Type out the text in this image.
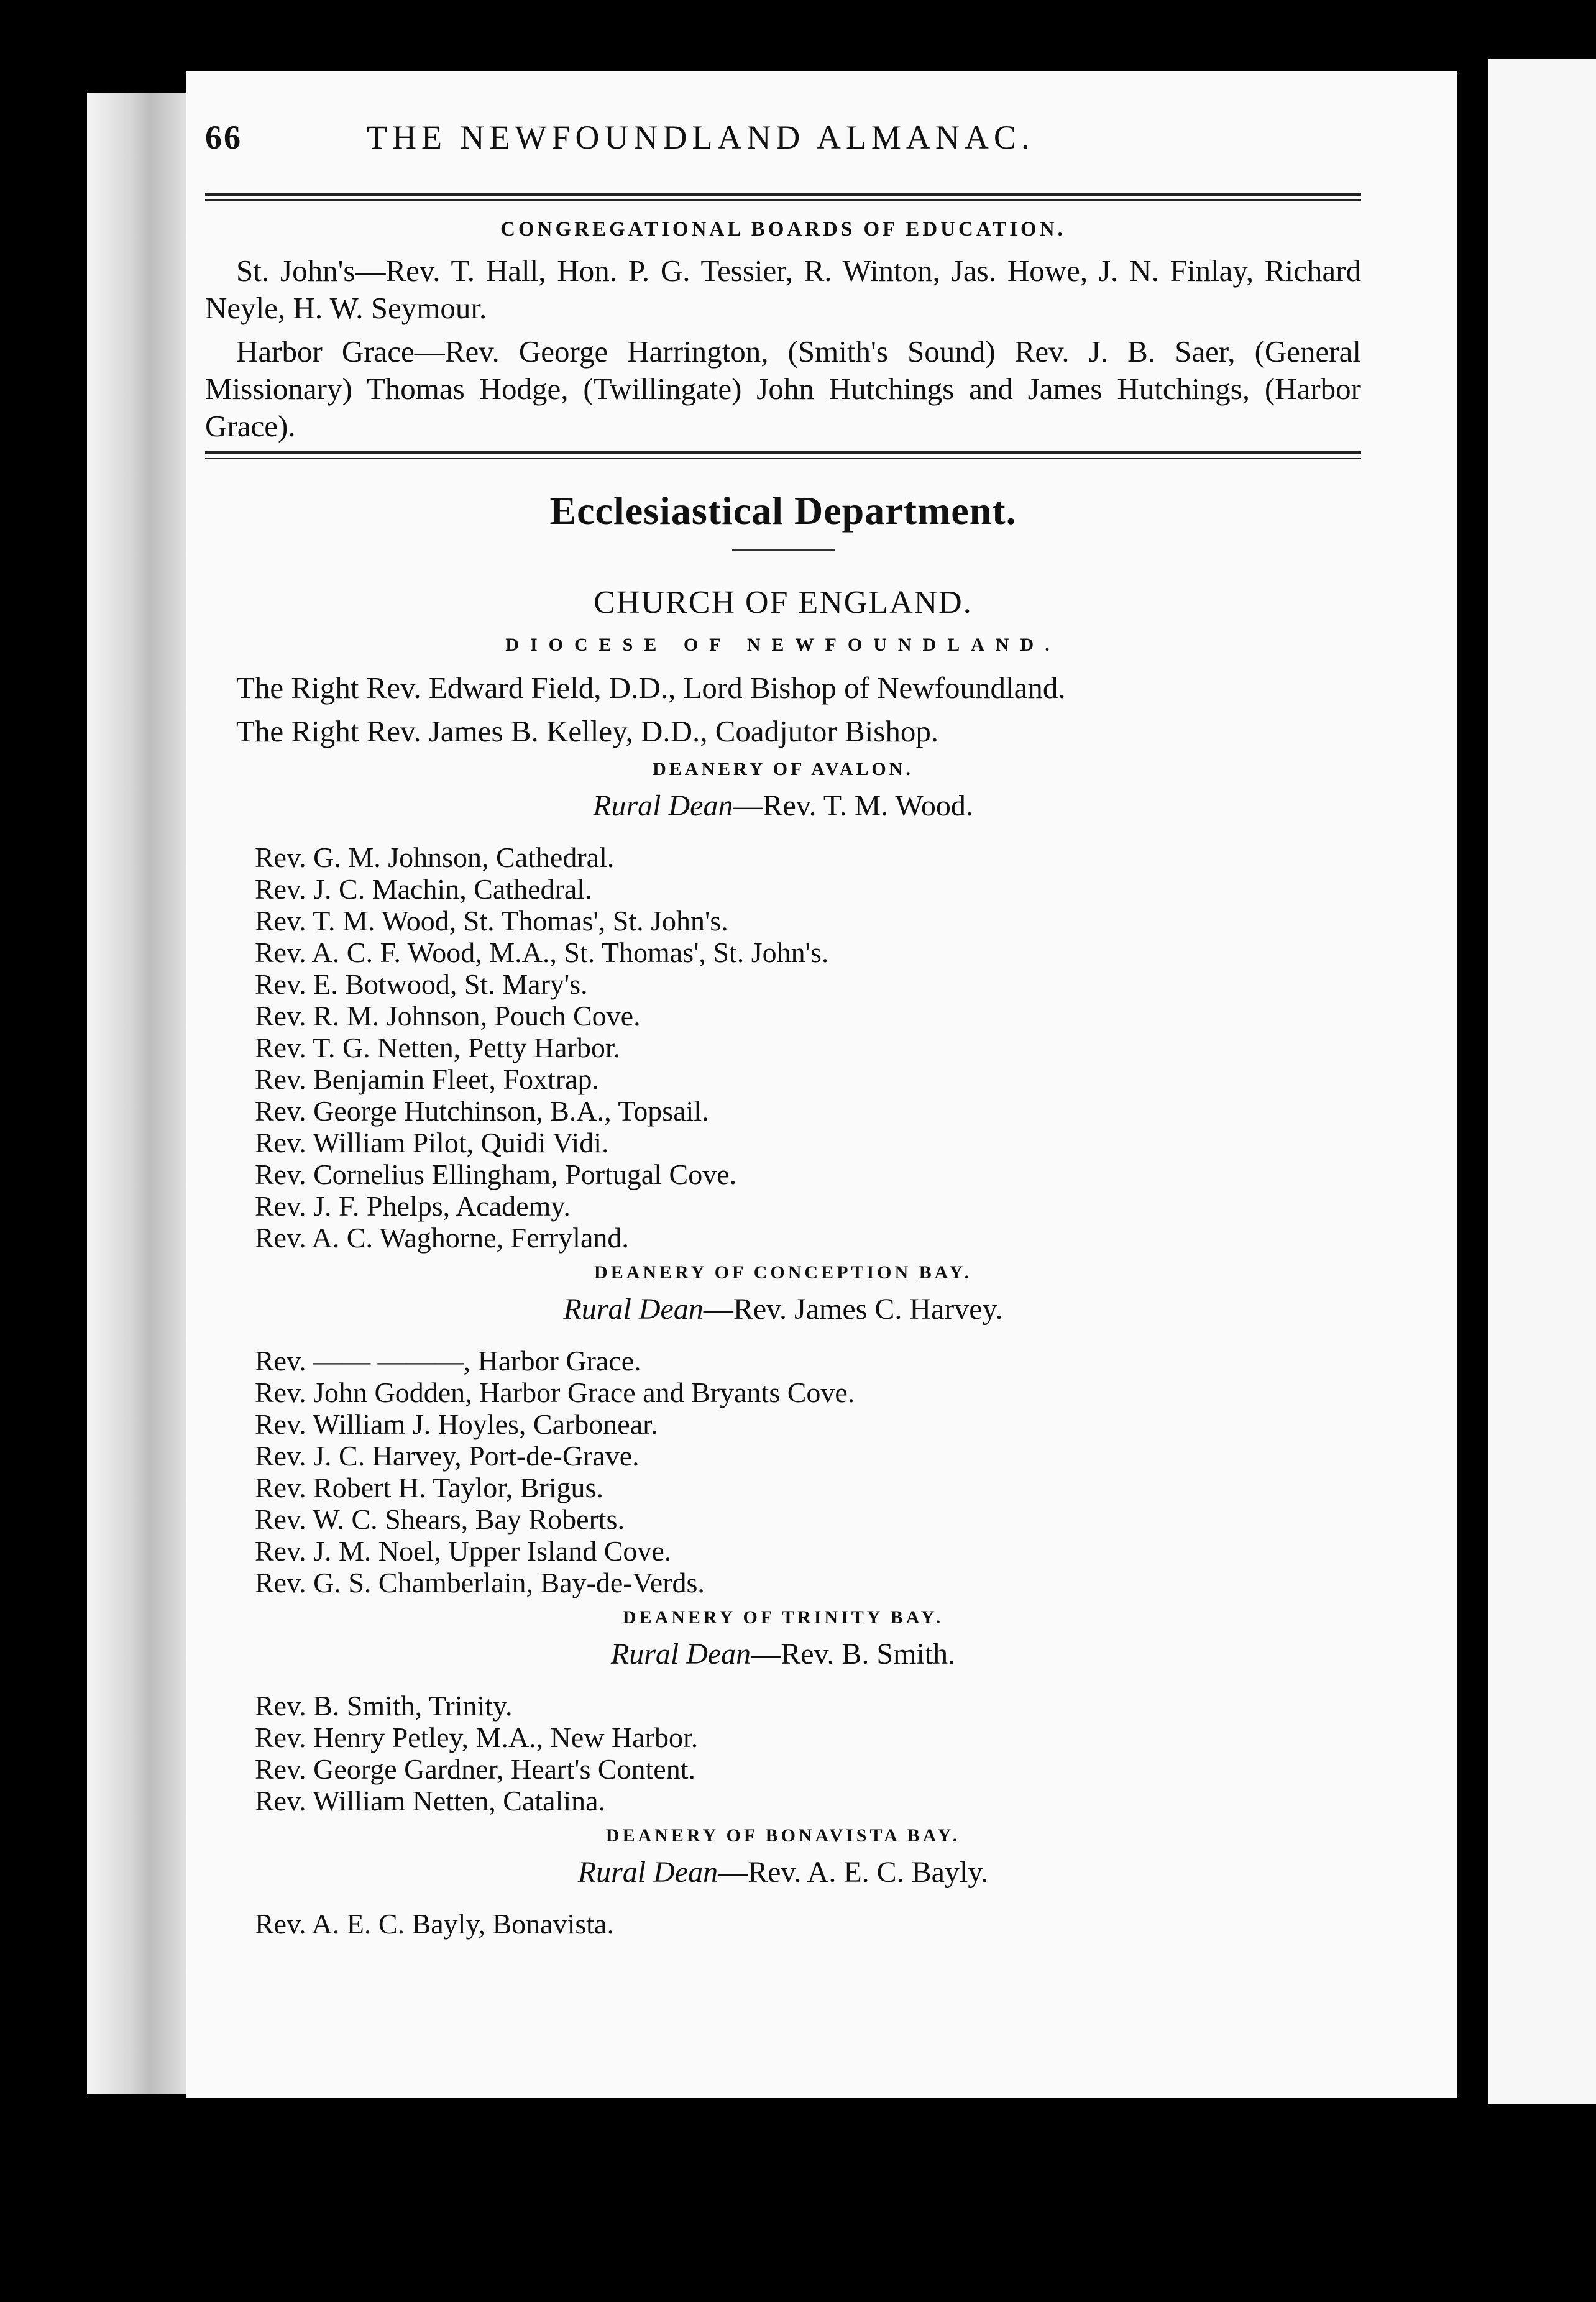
66	THE NEWFOUNDLAND ALMANAC.
CONGREGATIONAL BOARDS OF EDUCATION.

St. John's—Rev. T. Hall, Hon. P. G. Tessier, R. Winton, Jas. Howe, J. N. Finlay, Richard Neyle, H. W. Seymour.

Harbor Grace—Rev. George Harrington, (Smith's Sound) Rev. J. B. Saer, (General Missionary) Thomas Hodge, (Twillingate) John Hutchings and James Hutchings, (Harbor Grace).

Ecclesiastical Department.
CHURCH OF ENGLAND.
DIOCESE OF NEWFOUNDLAND.

The Right Rev. Edward Field, D.D., Lord Bishop of Newfoundland.

The Right Rev. James B. Kelley, D.D., Coadjutor Bishop.

DEANERY OF AVALON.
Rural Dean—Rev. T. M. Wood.
Rev. G. M. Johnson, Cathedral.
Rev. J. C. Machin, Cathedral.
Rev. T. M. Wood, St. Thomas', St. John's.
Rev. A. C. F. Wood, M.A., St. Thomas', St. John's.
Rev. E. Botwood, St. Mary's.
Rev. R. M. Johnson, Pouch Cove.
Rev. T. G. Netten, Petty Harbor.
Rev. Benjamin Fleet, Foxtrap.
Rev. George Hutchinson, B.A., Topsail.
Rev. William Pilot, Quidi Vidi.
Rev. Cornelius Ellingham, Portugal Cove.
Rev. J. F. Phelps, Academy.
Rev. A. C. Waghorne, Ferryland.
DEANERY OF CONCEPTION BAY.
Rural Dean—Rev. James C. Harvey.
Rev. —— ———, Harbor Grace.
Rev. John Godden, Harbor Grace and Bryants Cove.
Rev. William J. Hoyles, Carbonear.
Rev. J. C. Harvey, Port-de-Grave.
Rev. Robert H. Taylor, Brigus.
Rev. W. C. Shears, Bay Roberts.
Rev. J. M. Noel, Upper Island Cove.
Rev. G. S. Chamberlain, Bay-de-Verds.
DEANERY OF TRINITY BAY.
Rural Dean—Rev. B. Smith.
Rev. B. Smith, Trinity.
Rev. Henry Petley, M.A., New Harbor.
Rev. George Gardner, Heart's Content.
Rev. William Netten, Catalina.
DEANERY OF BONAVISTA BAY.
Rural Dean—Rev. A. E. C. Bayly.
Rev. A. E. C. Bayly, Bonavista.
